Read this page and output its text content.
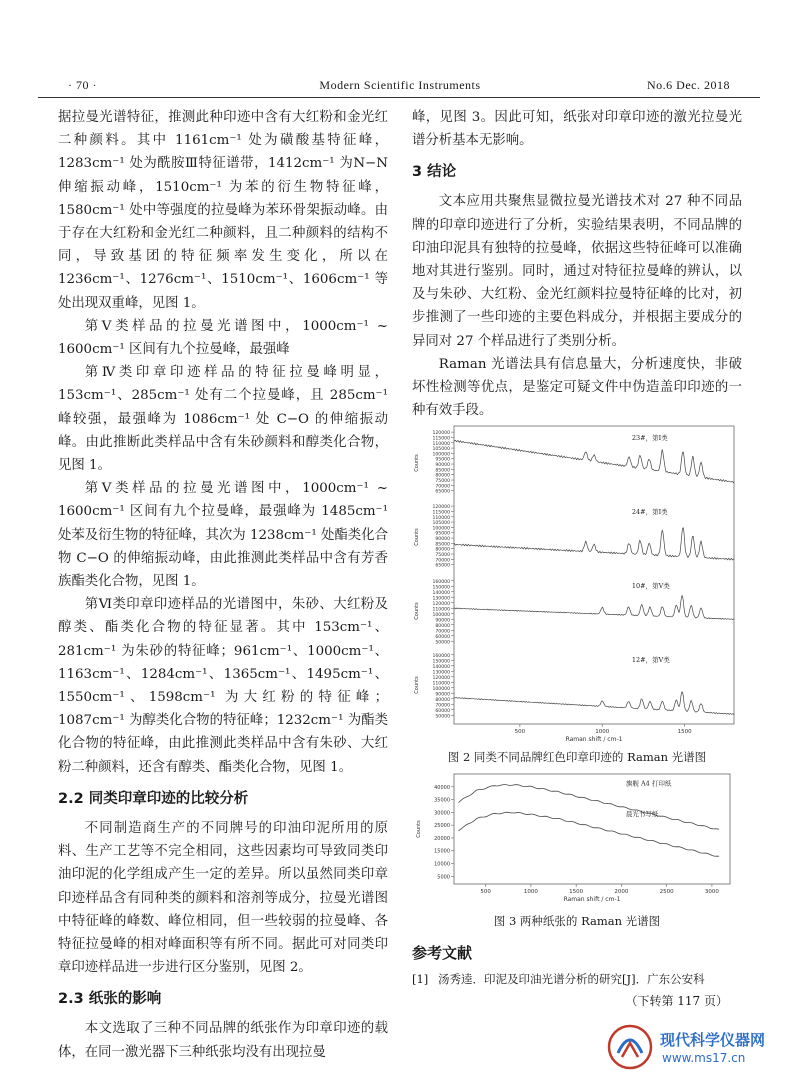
· 70 ·	Modern Scientific Instruments	No.6 Dec. 2018

据拉曼光谱特征，推测此种印迹中含有大红粉和金光红二种颜料。其中 1161cm⁻¹ 处为磺酸基特征峰，1283cm⁻¹ 处为酰胺Ⅲ特征谱带，1412cm⁻¹ 为N−N 伸缩振动峰，1510cm⁻¹ 为苯的衍生物特征峰，1580cm⁻¹ 处中等强度的拉曼峰为苯环骨架振动峰。由于存在大红粉和金光红二种颜料，且二种颜料的结构不同，导致基团的特征频率发生变化，所以在1236cm⁻¹、1276cm⁻¹、1510cm⁻¹、1606cm⁻¹ 等处出现双重峰，见图 1。

第Ⅴ类样品的拉曼光谱图中，1000cm⁻¹ ~ 1600cm⁻¹ 区间有九个拉曼峰，最强峰

第Ⅳ类印章印迹样品的特征拉曼峰明显，153cm⁻¹、285cm⁻¹ 处有二个拉曼峰，且 285cm⁻¹ 峰较强，最强峰为 1086cm⁻¹ 处 C−O 的伸缩振动峰。由此推断此类样品中含有朱砂颜料和醇类化合物，见图 1。

第Ⅴ类样品的拉曼光谱图中，1000cm⁻¹ ~ 1600cm⁻¹ 区间有九个拉曼峰，最强峰为 1485cm⁻¹ 处苯及衍生物的特征峰，其次为 1238cm⁻¹ 处酯类化合物 C−O 的伸缩振动峰，由此推测此类样品中含有芳香族酯类化合物，见图 1。

第Ⅵ类印章印迹样品的光谱图中，朱砂、大红粉及醇类、酯类化合物的特征显著。其中 153cm⁻¹、281cm⁻¹ 为朱砂的特征峰；961cm⁻¹、1000cm⁻¹、1163cm⁻¹、1284cm⁻¹、1365cm⁻¹、1495cm⁻¹、1550cm⁻¹、1598cm⁻¹ 为大红粉的特征峰；1087cm⁻¹ 为醇类化合物的特征峰；1232cm⁻¹ 为酯类化合物的特征峰，由此推测此类样品中含有朱砂、大红粉二种颜料，还含有醇类、酯类化合物，见图 1。

2.2 同类印章印迹的比较分析

不同制造商生产的不同牌号的印油印泥所用的原料、生产工艺等不完全相同，这些因素均可导致同类印油印泥的化学组成产生一定的差异。所以虽然同类印章印迹样品含有同种类的颜料和溶剂等成分，拉曼光谱图中特征峰的峰数、峰位相同，但一些较弱的拉曼峰、各特征拉曼峰的相对峰面积等有所不同。据此可对同类印章印迹样品进一步进行区分鉴别，见图 2。

2.3 纸张的影响

本文选取了三种不同品牌的纸张作为印章印迹的载体，在同一激光器下三种纸张均没有出现拉曼

峰，见图 3。因此可知，纸张对印章印迹的激光拉曼光谱分析基本无影响。

3 结论

文本应用共聚焦显微拉曼光谱技术对 27 种不同品牌的印章印迹进行了分析，实验结果表明，不同品牌的印油印泥具有独特的拉曼峰，依据这些特征峰可以准确地对其进行鉴别。同时，通过对特征拉曼峰的辨认，以及与朱砂、大红粉、金光红颜料拉曼特征峰的比对，初步推测了一些印迹的主要色料成分，并根据主要成分的异同对 27 个样品进行了类别分析。

Raman 光谱法具有信息量大，分析速度快，非破坏性检测等优点，是鉴定可疑文件中伪造盖印印迹的一种有效手段。

65000
70000
75000
80000
85000
90000
95000
100000
105000
110000
115000
120000
Counts
23#，第Ⅰ类
65000
70000
75000
80000
85000
90000
95000
100000
105000
110000
115000
120000
Counts
24#，第Ⅰ类
50000
60000
70000
80000
90000
100000
110000
120000
130000
140000
150000
160000
Counts
10#，第Ⅴ类
50000
60000
70000
80000
90000
100000
110000
120000
130000
140000
150000
160000
Counts
12#，第Ⅴ类
500	1000	1500
Raman shift / cm-1
图 2 同类不同品牌红色印章印迹的 Raman 光谱图
5000
10000
15000
20000
25000
30000
35000
40000
Counts
500	1000	1500	2000	2500	3000
Raman shift / cm-1
旗舰 A4 打印纸
晨光书写纸
图 3 两种纸张的 Raman 光谱图
参考文献
[1] 汤秀逵．印泥及印油光谱分析的研究[J]．广东公安科
（下转第 117 页）
现代科学仪器网
www.ms17.cn
